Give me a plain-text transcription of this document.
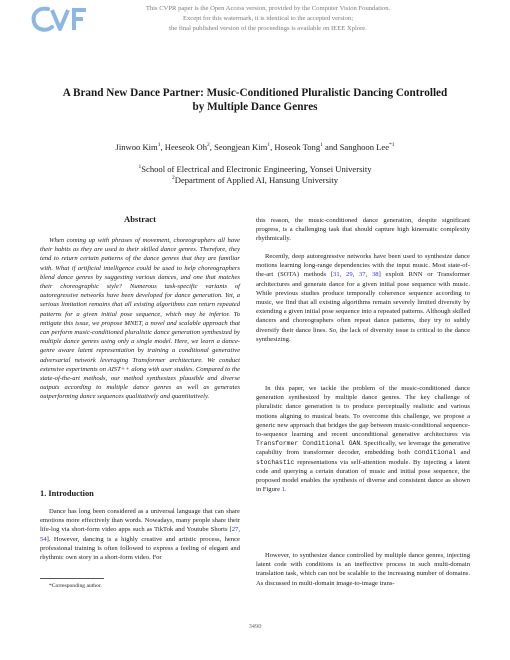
This CVPR paper is the Open Access version, provided by the Computer Vision Foundation.
Except for this watermark, it is identical to the accepted version;
the final published version of the proceedings is available on IEEE Xplore.
A Brand New Dance Partner: Music-Conditioned Pluralistic Dancing Controlled
by Multiple Dance Genres
Jinwoo Kim$^1$, Heeseok Oh$^2$, Seongjean Kim$^1$, Hoseok Tong$^1$ and Sanghoon Lee$^{*1}$
$^1$School of Electrical and Electronic Engineering, Yonsei University
$^2$Department of Applied AI, Hansung University
Abstract

When coming up with phrases of movement, choreographers all have their habits as they are used to their skilled dance genres. Therefore, they tend to return certain patterns of the dance genres that they are familiar with. What if artificial intelligence could be used to help choreographers blend dance genres by suggesting various dances, and one that matches their choreographic style? Numerous task-specific variants of autoregressive networks have been developed for dance generation. Yet, a serious limitation remains that all existing algorithms can return repeated patterns for a given initial pose sequence, which may be inferior. To mitigate this issue, we propose MNET, a novel and scalable approach that can perform music-conditioned pluralistic dance generation synthesized by multiple dance genres using only a single model. Here, we learn a dance-genre aware latent representation by training a conditional generative adversarial network leveraging Transformer architecture. We conduct extensive experiments on AIST++ along with user studies. Compared to the state-of-the-art methods, our method synthesizes plausible and diverse outputs according to multiple dance genres as well as generates outperforming dance sequences qualitatively and quantitatively.

1. Introduction

Dance has long been considered as a universal language that can share emotions more effectively than words. Nowadays, many people share their life-log via short-form video apps such as TikTok and Youtube Shorts [27, 54]. However, dancing is a highly creative and artistic process, hence professional training is often followed to express a feeling of elegant and rhythmic own story in a short-form video. For

*Corresponding author.

this reason, the music-conditioned dance generation, despite significant progress, is a challenging task that should capture high kinematic complexity rhythmically.

Recently, deep autoregressive networks have been used to synthesize dance motions learning long-range dependencies with the input music. Most state-of-the-art (SOTA) methods [31, 29, 37, 38] exploit RNN or Transformer architectures and generate dance for a given initial pose sequence with music. While previous studies produce temporally coherence sequence according to music, we find that all existing algorithms remain severely limited diversity by extending a given initial pose sequence into a repeated patterns. Although skilled dancers and choreographers often repeat dance patterns, they try to subtly diversify their dance lines. So, the lack of diversity issue is critical to the dance synthesizing.

In this paper, we tackle the problem of the music-conditioned dance generation synthesized by multiple dance genres. The key challenge of pluralistic dance generation is to produce perceptually realistic and various motions aligning to musical beats. To overcome this challenge, we propose a generic new approach that bridges the gap between music-conditional sequence-to-sequence learning and recent unconditional generative architectures via Transformer Conditional GAN. Specifically, we leverage the generative capability from transformer decoder, embedding both conditional and stochastic representations via self-attention module. By injecting a latent code and querying a certain duration of music and initial pose sequence, the proposed model enables the synthesis of diverse and consistent dance as shown in Figure 1.

However, to synthesize dance controlled by multiple dance genres, injecting latent code with conditions is an ineffective process in such multi-domain translation task, which can not be scalable to the increasing number of domains. As discussed in multi-domain image-to-image trans-

3490
